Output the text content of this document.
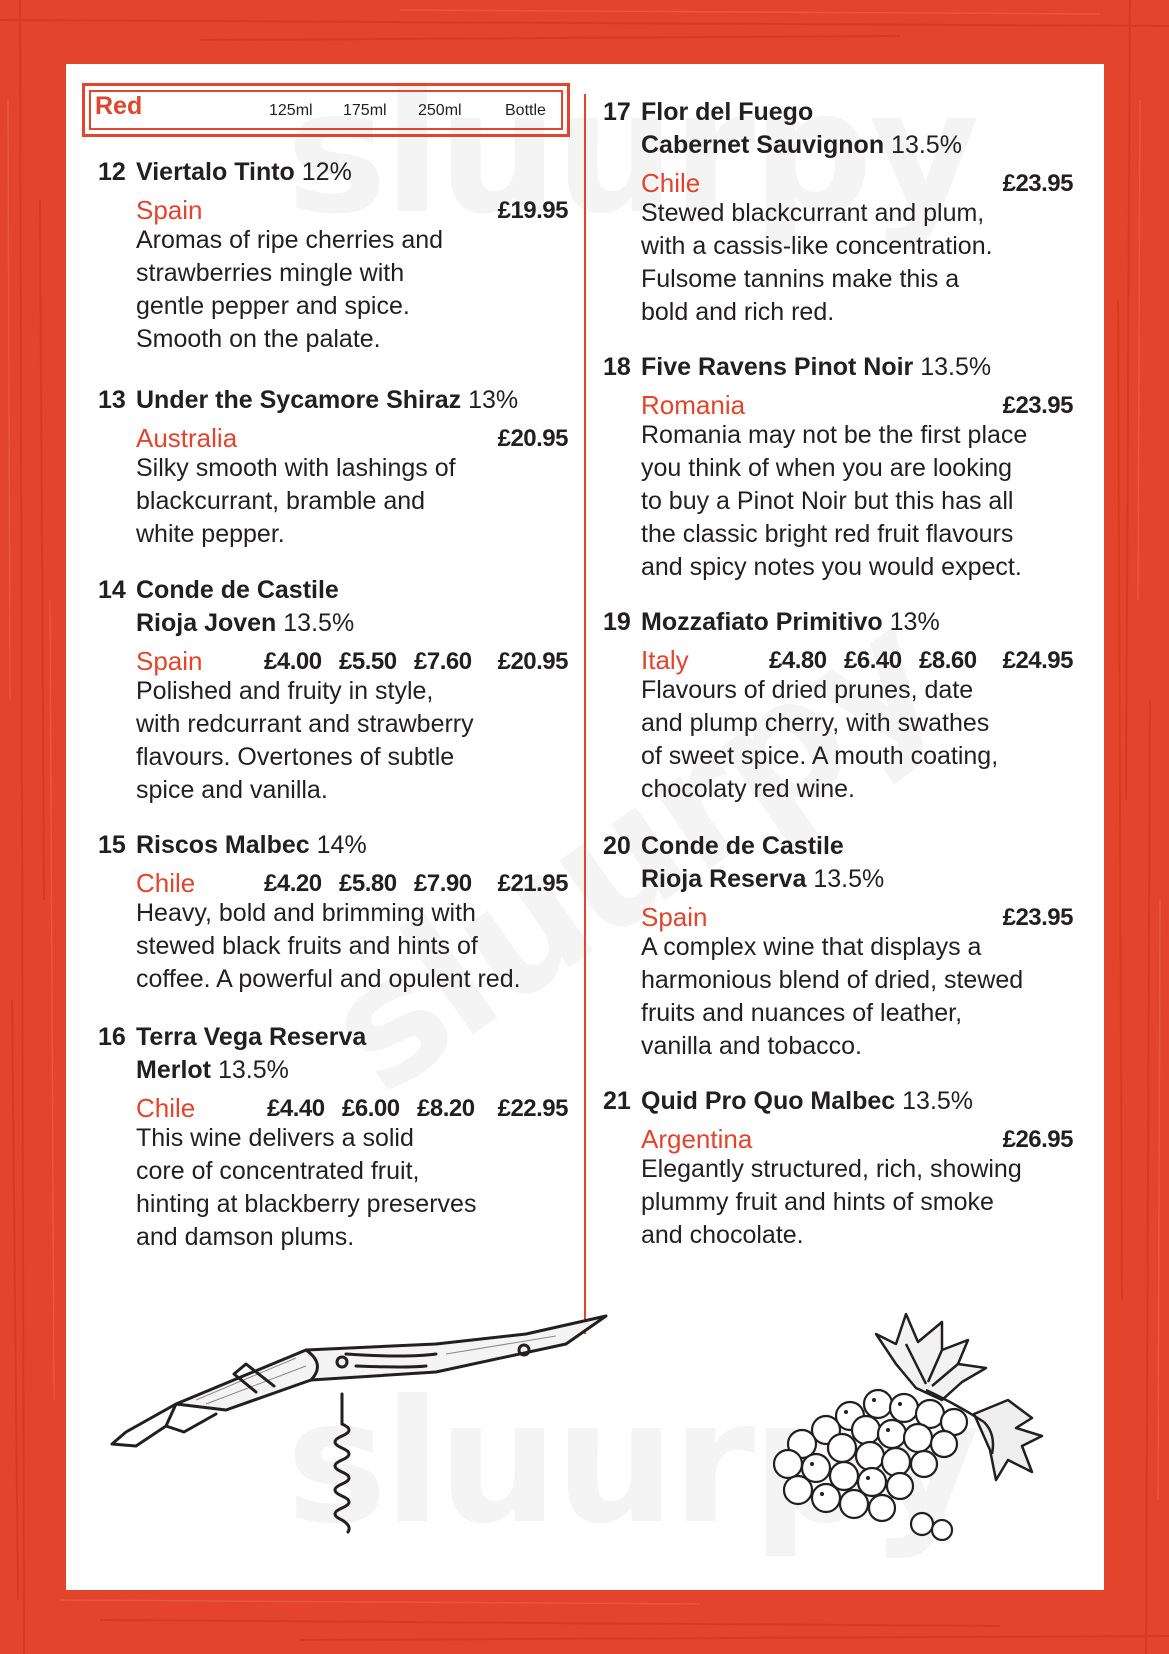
Red	125ml 175ml 250ml	Bottle
12 Viertalo Tinto 12%
Spain	£19.95
Aromas of ripe cherries and
strawberries mingle with
gentle pepper and spice.
Smooth on the palate.
13 Under the Sycamore Shiraz 13%
Australia	£20.95
Silky smooth with lashings of
blackcurrant, bramble and
white pepper.
14 Conde de Castile
Rioja Joven 13.5%
Spain	£4.00 £5.50 £7.60 £20.95
Polished and fruity in style,
with redcurrant and strawberry
flavours. Overtones of subtle
spice and vanilla.
15 Riscos Malbec 14%
Chile	£4.20 £5.80 £7.90 £21.95
Heavy, bold and brimming with
stewed black fruits and hints of
coffee. A powerful and opulent red.
16 Terra Vega Reserva
Merlot 13.5%
Chile	£4.40 £6.00 £8.20 £22.95
This wine delivers a solid
core of concentrated fruit,
hinting at blackberry preserves
and damson plums.
17 Flor del Fuego
Cabernet Sauvignon 13.5%
Chile	£23.95
Stewed blackcurrant and plum,
with a cassis-like concentration.
Fulsome tannins make this a
bold and rich red.
18 Five Ravens Pinot Noir 13.5%
Romania	£23.95
Romania may not be the first place
you think of when you are looking
to buy a Pinot Noir but this has all
the classic bright red fruit flavours
and spicy notes you would expect.
19 Mozzafiato Primitivo 13%
Italy	£4.80 £6.40 £8.60 £24.95
Flavours of dried prunes, date
and plump cherry, with swathes
of sweet spice. A mouth coating,
chocolaty red wine.
20 Conde de Castile
Rioja Reserva 13.5%
Spain	£23.95
A complex wine that displays a
harmonious blend of dried, stewed
fruits and nuances of leather,
vanilla and tobacco.
21 Quid Pro Quo Malbec 13.5%
Argentina	£26.95
Elegantly structured, rich, showing
plummy fruit and hints of smoke
and chocolate.
